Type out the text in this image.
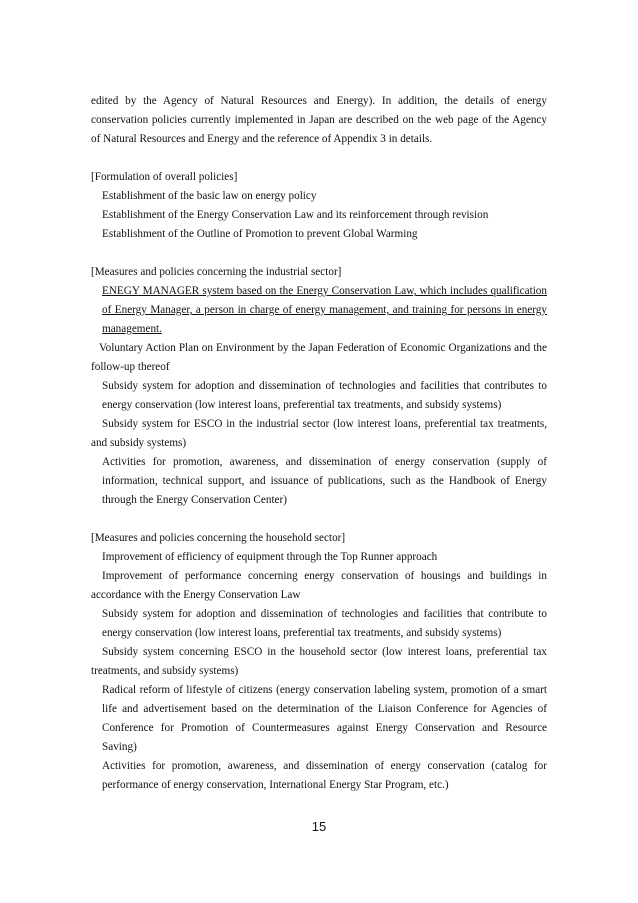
edited by the Agency of Natural Resources and Energy). In addition, the details of energy
conservation policies currently implemented in Japan are described on the web page of the Agency
of Natural Resources and Energy and the reference of Appendix 3 in details.
[Formulation of overall policies]
Establishment of the basic law on energy policy
Establishment of the Energy Conservation Law and its reinforcement through revision
Establishment of the Outline of Promotion to prevent Global Warming
[Measures and policies concerning the industrial sector]
ENEGY MANAGER system based on the Energy Conservation Law, which includes qualification
of Energy Manager, a person in charge of energy management, and training for persons in energy
management.
Voluntary Action Plan on Environment by the Japan Federation of Economic Organizations and the
follow-up thereof
Subsidy system for adoption and dissemination of technologies and facilities that contributes to
energy conservation (low interest loans, preferential tax treatments, and subsidy systems)
Subsidy system for ESCO in the industrial sector (low interest loans, preferential tax treatments,
and subsidy systems)
Activities for promotion, awareness, and dissemination of energy conservation (supply of
information, technical support, and issuance of publications, such as the Handbook of Energy
through the Energy Conservation Center)
[Measures and policies concerning the household sector]
Improvement of efficiency of equipment through the Top Runner approach
Improvement of performance concerning energy conservation of housings and buildings in
accordance with the Energy Conservation Law
Subsidy system for adoption and dissemination of technologies and facilities that contribute to
energy conservation (low interest loans, preferential tax treatments, and subsidy systems)
Subsidy system concerning ESCO in the household sector (low interest loans, preferential tax
treatments, and subsidy systems)
Radical reform of lifestyle of citizens (energy conservation labeling system, promotion of a smart
life and advertisement based on the determination of the Liaison Conference for Agencies of
Conference for Promotion of Countermeasures against Energy Conservation and Resource
Saving)
Activities for promotion, awareness, and dissemination of energy conservation (catalog for
performance of energy conservation, International Energy Star Program, etc.)
15
